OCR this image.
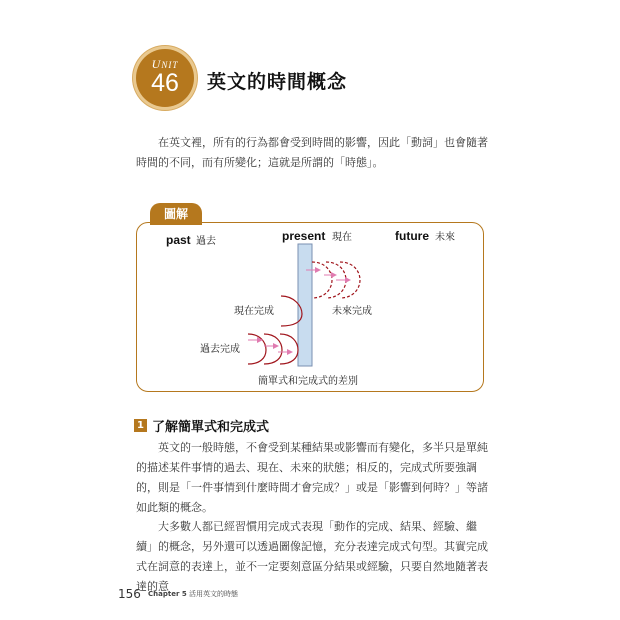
UNIT
46	英文的時間概念
在英文裡，所有的行為都會受到時間的影響，因此「動詞」也會隨著時間的不同，而有所變化；這就是所謂的「時態」。
圖解
past 過去	present 現在	future 未來
未來完成
現在完成
過去完成
簡單式和完成式的差別
1 了解簡單式和完成式
英文的一般時態，不會受到某種結果或影響而有變化，多半只是單純的描述某件事情的過去、現在、未來的狀態；相反的，完成式所要強調的，則是「一件事情到什麼時間才會完成？」或是「影響到何時？」等諸如此類的概念。
大多數人都已經習慣用完成式表現「動作的完成、結果、經驗、繼續」的概念，另外還可以透過圖像記憶，充分表達完成式句型。其實完成式在詞意的表達上，並不一定要刻意區分結果或經驗，只要自然地隨著表達的意
156 Chapter 5 活用英文的時態
